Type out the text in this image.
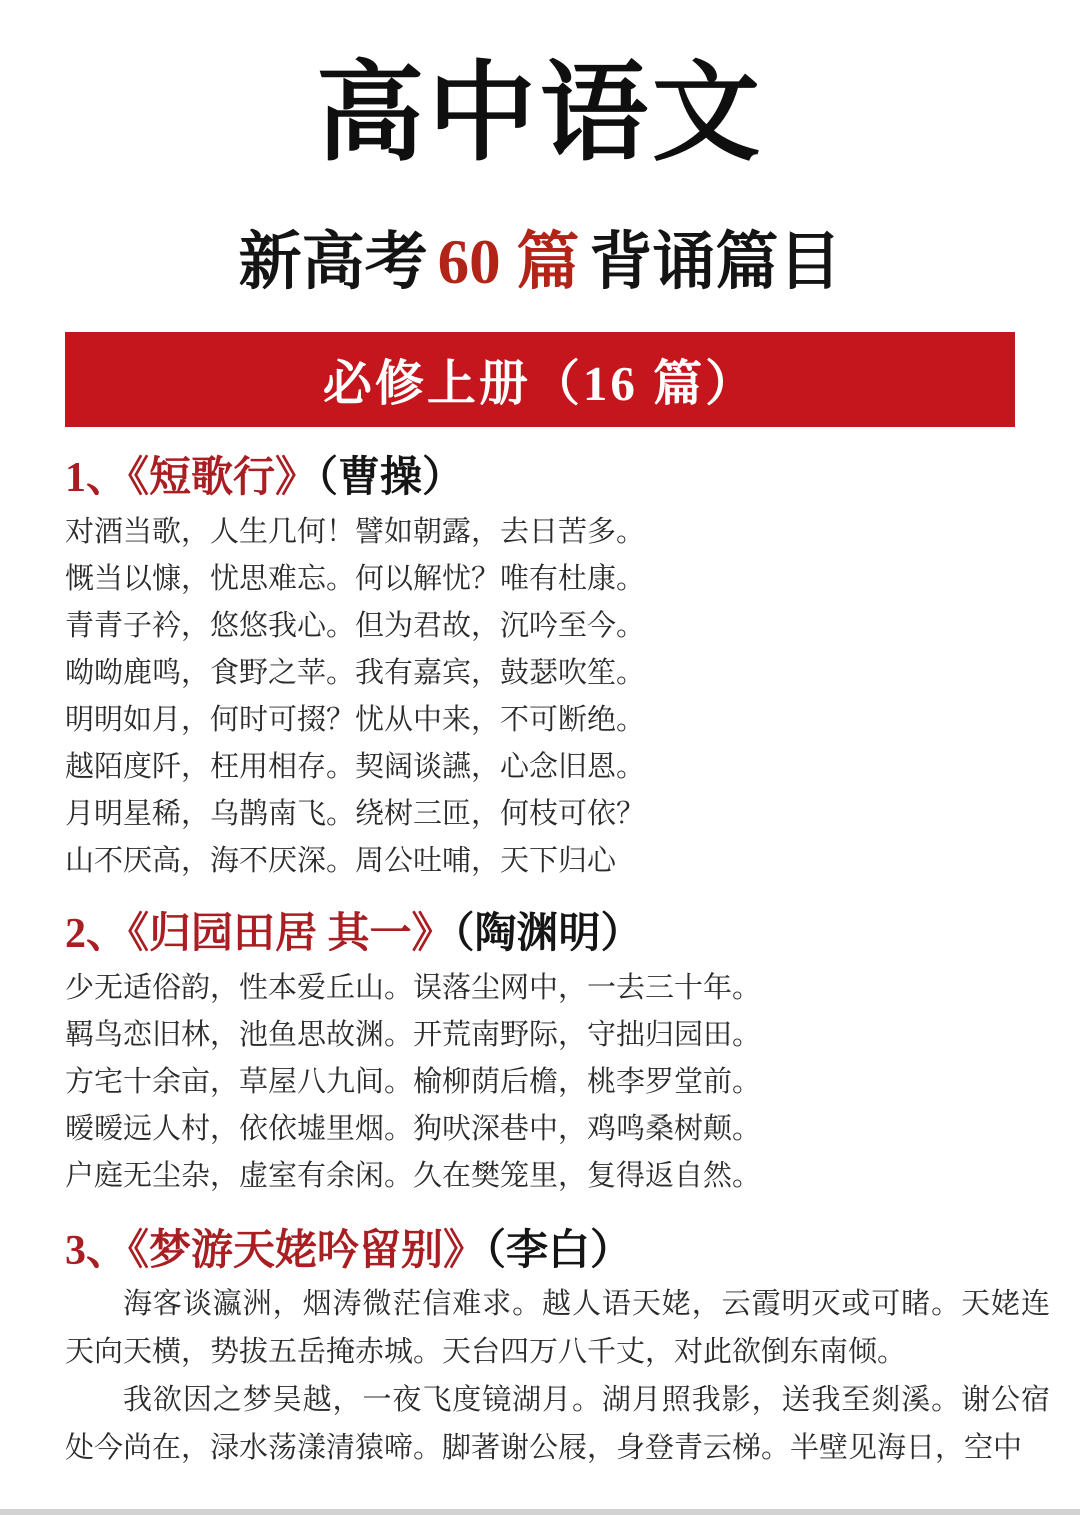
高中语文
新高考 60 篇 背诵篇目
必修上册（16 篇）
1、《短歌行》（曹操）

对酒当歌，人生几何！譬如朝露，去日苦多。

慨当以慷，忧思难忘。何以解忧？唯有杜康。

青青子衿，悠悠我心。但为君故，沉吟至今。

呦呦鹿鸣，食野之苹。我有嘉宾，鼓瑟吹笙。

明明如月，何时可掇？忧从中来，不可断绝。

越陌度阡，枉用相存。契阔谈讌，心念旧恩。

月明星稀，乌鹊南飞。绕树三匝，何枝可依？

山不厌高，海不厌深。周公吐哺，天下归心

2、《归园田居 其一》（陶渊明）

少无适俗韵，性本爱丘山。误落尘网中，一去三十年。

羁鸟恋旧林，池鱼思故渊。开荒南野际，守拙归园田。

方宅十余亩，草屋八九间。榆柳荫后檐，桃李罗堂前。

暧暧远人村，依依墟里烟。狗吠深巷中，鸡鸣桑树颠。

户庭无尘杂，虚室有余闲。久在樊笼里，复得返自然。

3、《梦游天姥吟留别》（李白）

海客谈瀛洲，烟涛微茫信难求。越人语天姥，云霞明灭或可睹。天姥连天向天横，势拔五岳掩赤城。天台四万八千丈，对此欲倒东南倾。

我欲因之梦吴越，一夜飞度镜湖月。湖月照我影，送我至剡溪。谢公宿处今尚在，渌水荡漾清猿啼。脚著谢公屐，身登青云梯。半壁见海日，空中
